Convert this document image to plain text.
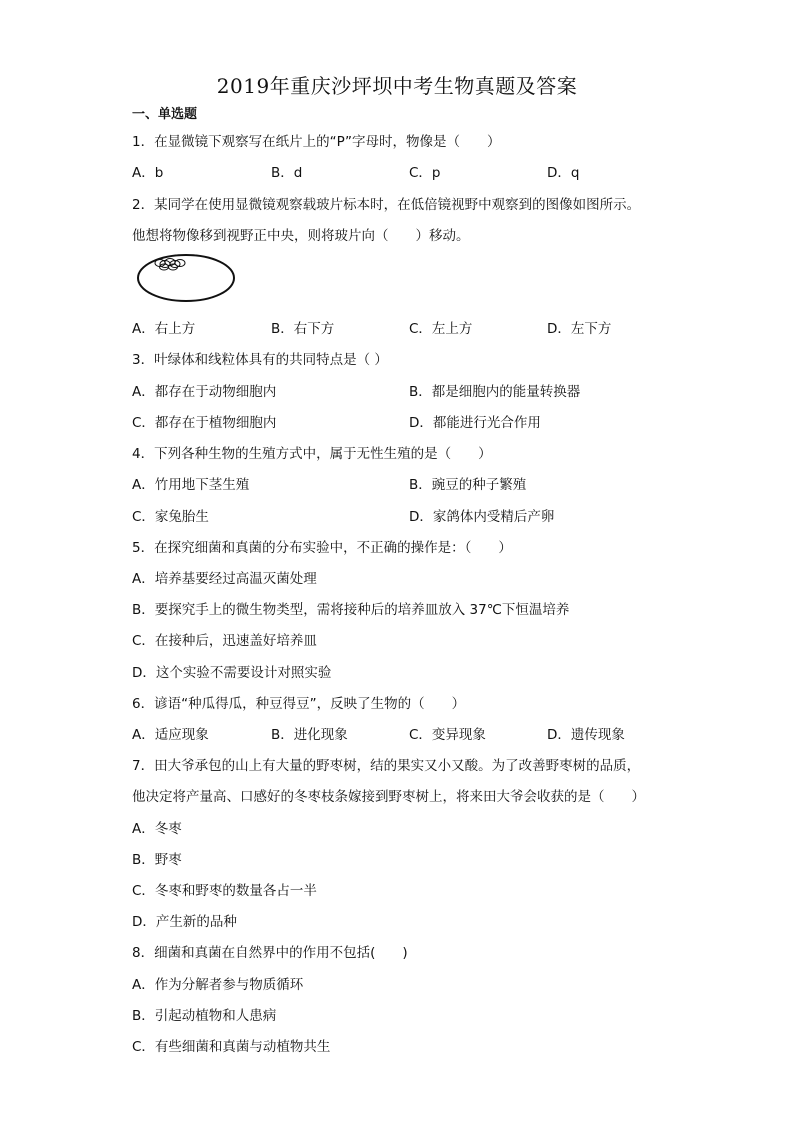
2019年重庆沙坪坝中考生物真题及答案
一、单选题
1．在显微镜下观察写在纸片上的“P”字母时，物像是（　　）
A．b	B．d	C．p	D．q
2．某同学在使用显微镜观察载玻片标本时，在低倍镜视野中观察到的图像如图所示。
他想将物像移到视野正中央，则将玻片向（　　）移动。
A．右上方	B．右下方	C．左上方	D．左下方
3．叶绿体和线粒体具有的共同特点是（ ）
A．都存在于动物细胞内	B．都是细胞内的能量转换器
C．都存在于植物细胞内	D．都能进行光合作用
4．下列各种生物的生殖方式中，属于无性生殖的是（　　）
A．竹用地下茎生殖	B．豌豆的种子繁殖
C．家兔胎生	D．家鸽体内受精后产卵
5．在探究细菌和真菌的分布实验中，不正确的操作是：（　　）
A．培养基要经过高温灭菌处理
B．要探究手上的微生物类型，需将接种后的培养皿放入 37℃下恒温培养
C．在接种后，迅速盖好培养皿
D．这个实验不需要设计对照实验
6．谚语“种瓜得瓜，种豆得豆”，反映了生物的（　　）
A．适应现象	B．进化现象	C．变异现象	D．遗传现象
7．田大爷承包的山上有大量的野枣树，结的果实又小又酸。为了改善野枣树的品质，
他决定将产量高、口感好的冬枣枝条嫁接到野枣树上，将来田大爷会收获的是（　　）
A．冬枣
B．野枣
C．冬枣和野枣的数量各占一半
D．产生新的品种
8．细菌和真菌在自然界中的作用不包括(　　)
A．作为分解者参与物质循环
B．引起动植物和人患病
C．有些细菌和真菌与动植物共生
